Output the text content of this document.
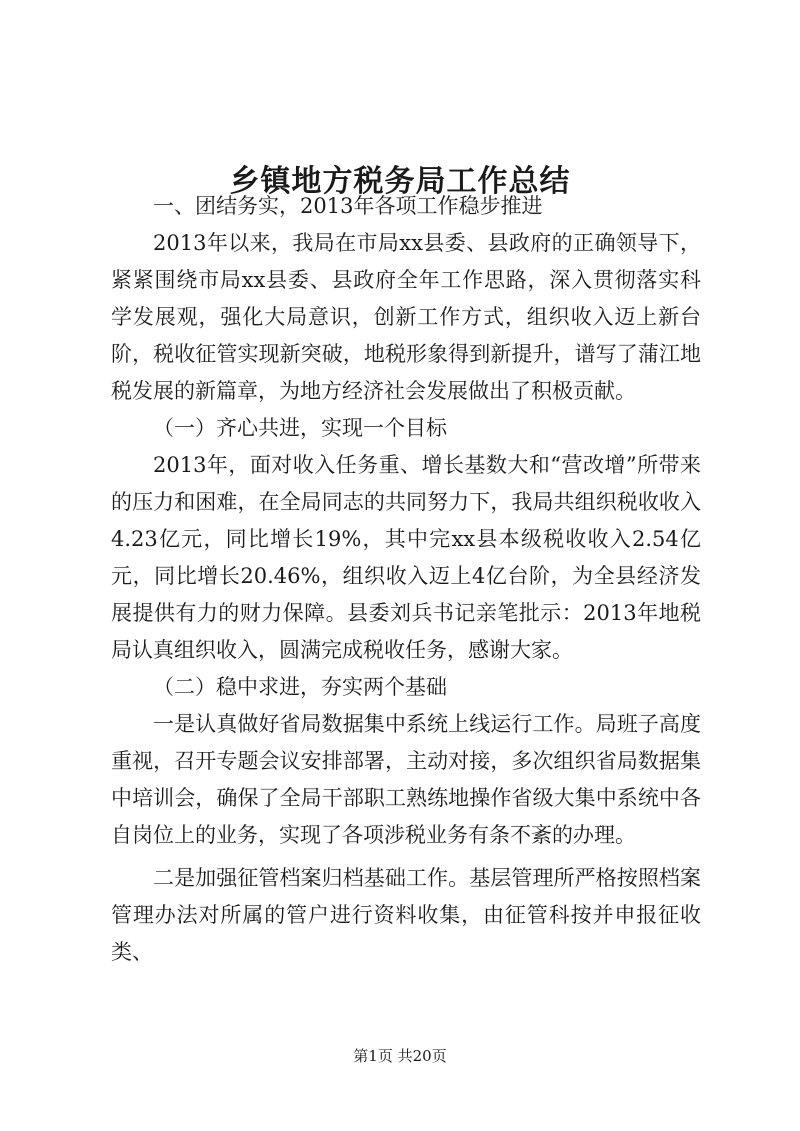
乡镇地方税务局工作总结

一、团结务实，2013年各项工作稳步推进

2013年以来，我局在市局xx县委、县政府的正确领导下，紧紧围绕市局xx县委、县政府全年工作思路，深入贯彻落实科学发展观，强化大局意识，创新工作方式，组织收入迈上新台阶，税收征管实现新突破，地税形象得到新提升，谱写了蒲江地税发展的新篇章，为地方经济社会发展做出了积极贡献。

（一）齐心共进，实现一个目标

2013年，面对收入任务重、增长基数大和“营改增”所带来的压力和困难，在全局同志的共同努力下，我局共组织税收收入4.23亿元，同比增长19%，其中完xx县本级税收收入2.54亿元，同比增长20.46%，组织收入迈上4亿台阶，为全县经济发展提供有力的财力保障。县委刘兵书记亲笔批示：2013年地税局认真组织收入，圆满完成税收任务，感谢大家。

（二）稳中求进，夯实两个基础

一是认真做好省局数据集中系统上线运行工作。局班子高度重视，召开专题会议安排部署，主动对接，多次组织省局数据集中培训会，确保了全局干部职工熟练地操作省级大集中系统中各自岗位上的业务，实现了各项涉税业务有条不紊的办理。

二是加强征管档案归档基础工作。基层管理所严格按照档案管理办法对所属的管户进行资料收集，由征管科按并申报征收类、

第1页 共20页
